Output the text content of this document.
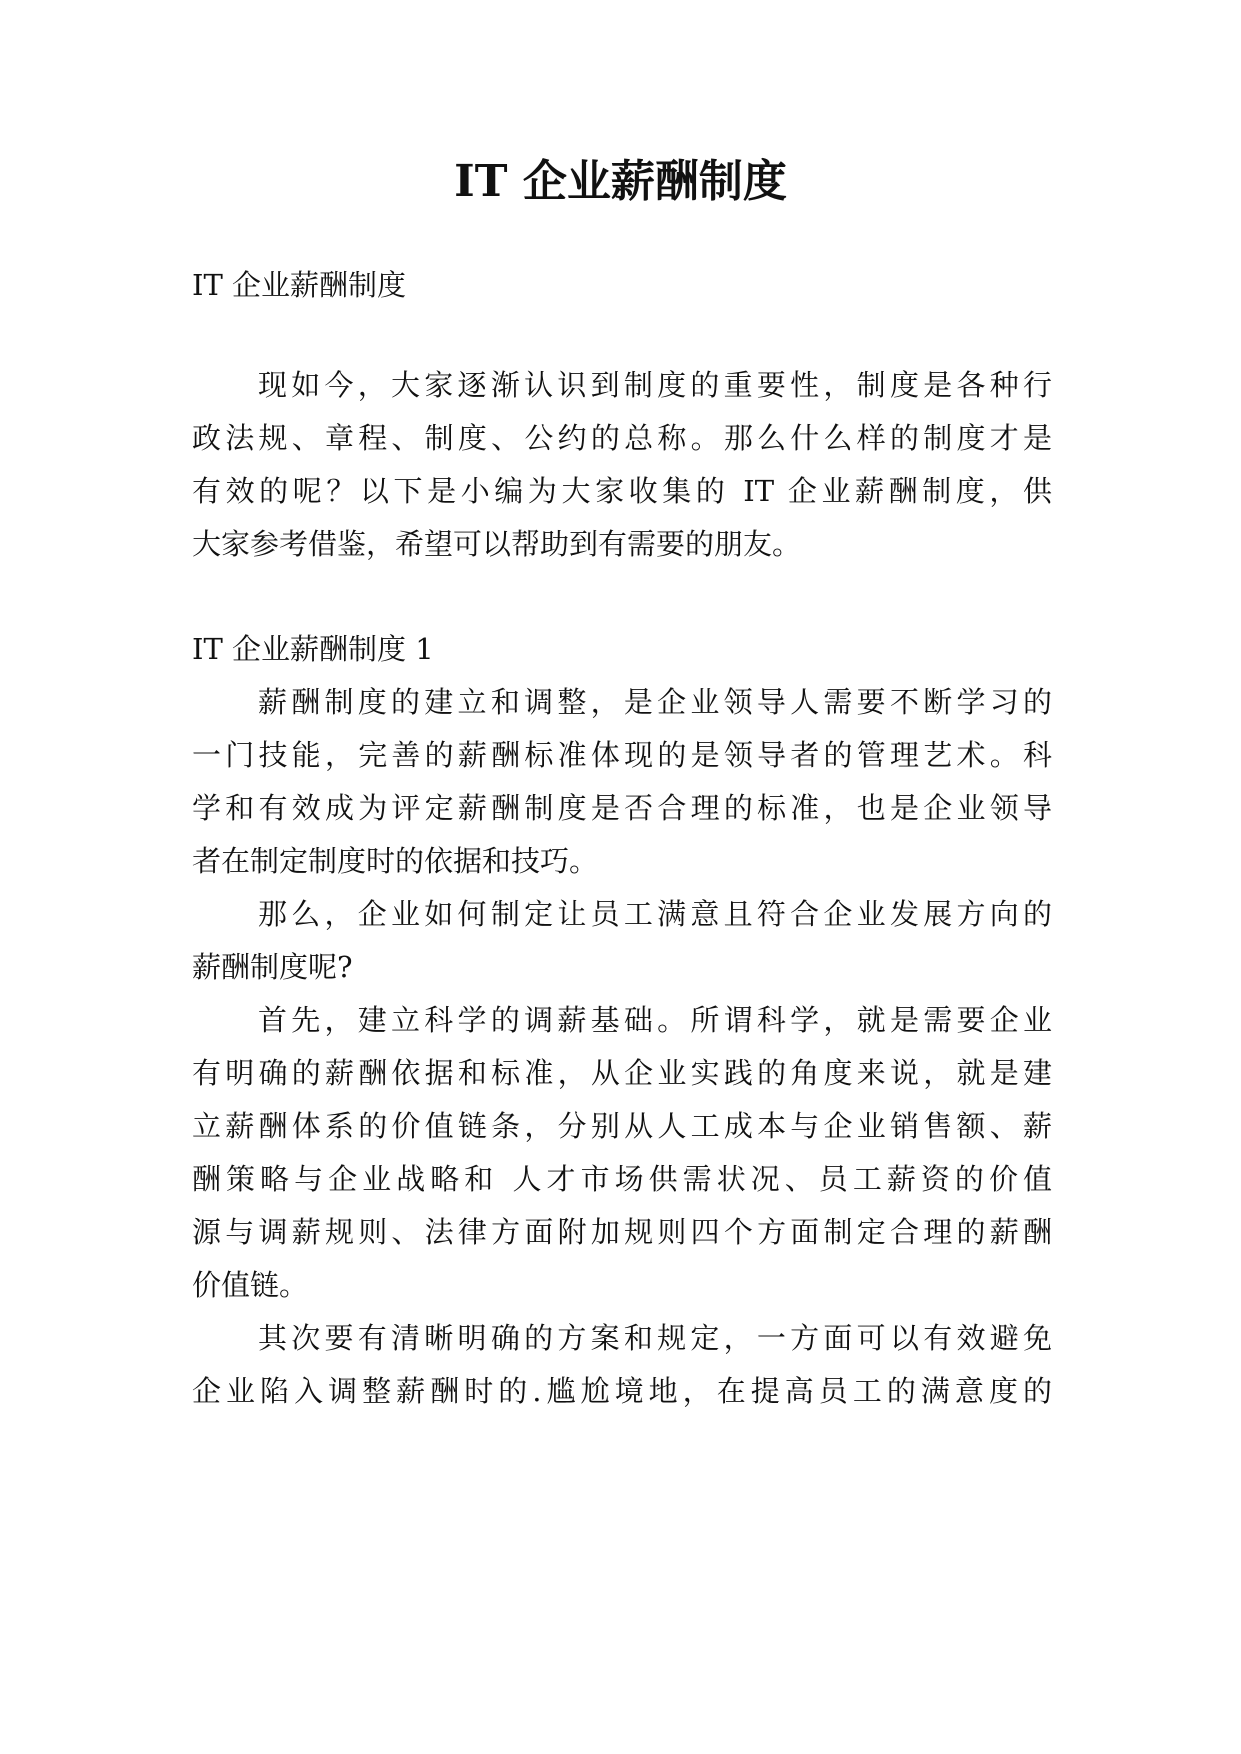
IT 企业薪酬制度

IT 企业薪酬制度

现如今，大家逐渐认识到制度的重要性，制度是各种行

政法规、章程、制度、公约的总称。那么什么样的制度才是

有效的呢？以下是小编为大家收集的 IT 企业薪酬制度，供

大家参考借鉴，希望可以帮助到有需要的朋友。

IT 企业薪酬制度 1

薪酬制度的建立和调整，是企业领导人需要不断学习的

一门技能，完善的薪酬标准体现的是领导者的管理艺术。科

学和有效成为评定薪酬制度是否合理的标准，也是企业领导

者在制定制度时的依据和技巧。

那么，企业如何制定让员工满意且符合企业发展方向的

薪酬制度呢?

首先，建立科学的调薪基础。所谓科学，就是需要企业

有明确的薪酬依据和标准，从企业实践的角度来说，就是建

立薪酬体系的价值链条，分别从人工成本与企业销售额、薪

酬策略与企业战略和 人才市场供需状况、员工薪资的价值

源与调薪规则、法律方面附加规则四个方面制定合理的薪酬

价值链。

其次要有清晰明确的方案和规定，一方面可以有效避免

企业陷入调整薪酬时的.尴尬境地，在提高员工的满意度的
